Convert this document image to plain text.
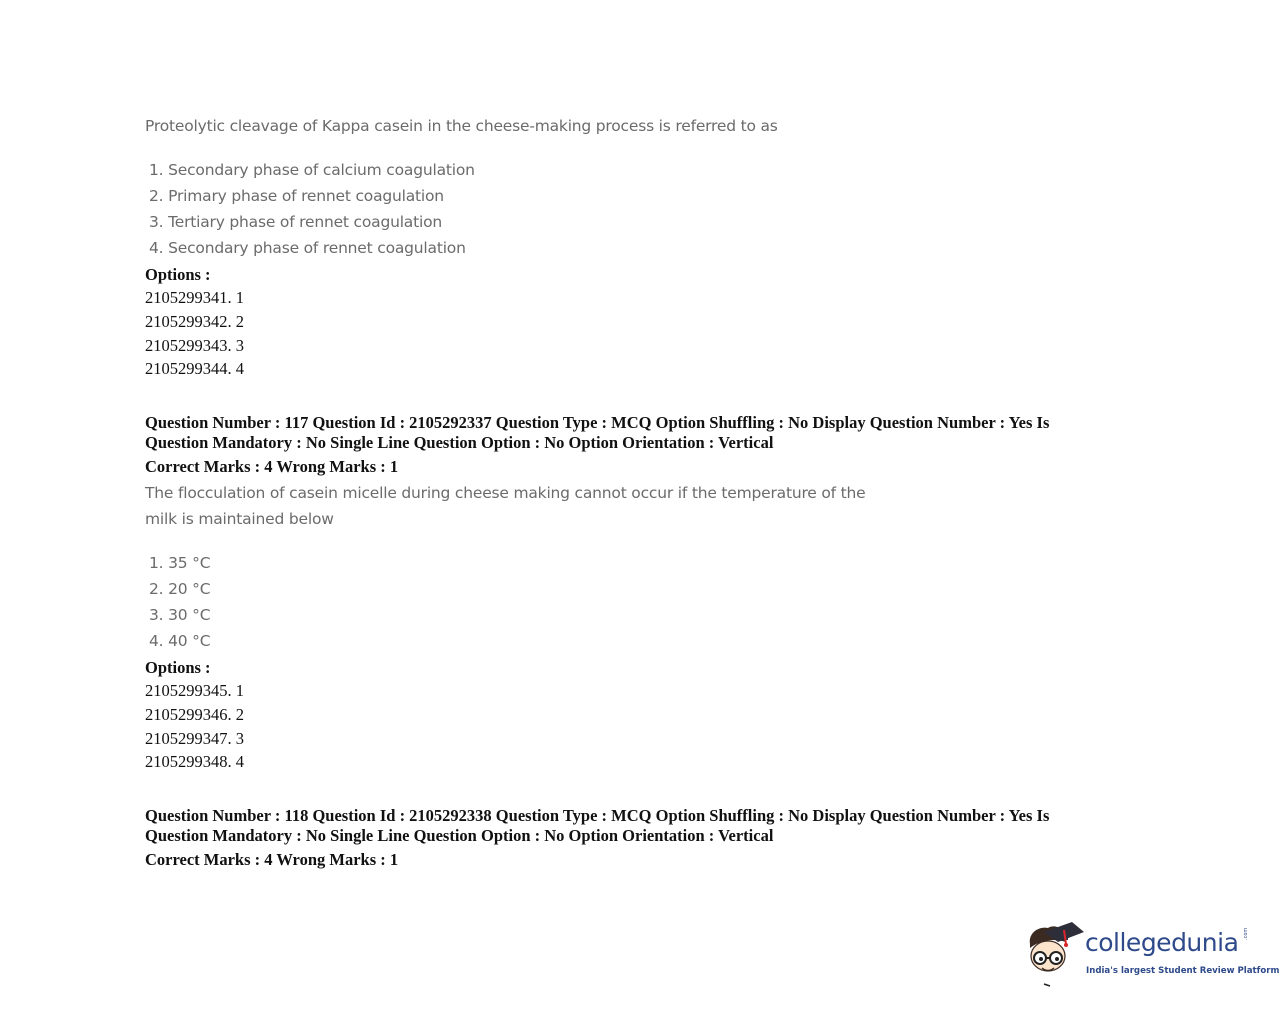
Proteolytic cleavage of Kappa casein in the cheese-making process is referred to as

1. Secondary phase of calcium coagulation
2. Primary phase of rennet coagulation
3. Tertiary phase of rennet coagulation
4. Secondary phase of rennet coagulation

Options :

2105299341. 1
2105299342. 2
2105299343. 3
2105299344. 4

Question Number : 117 Question Id : 2105292337 Question Type : MCQ Option Shuffling : No Display Question Number : Yes Is Question Mandatory : No Single Line Question Option : No Option Orientation : Vertical

Correct Marks : 4 Wrong Marks : 1

The flocculation of casein micelle during cheese making cannot occur if the temperature of the

milk is maintained below

1. 35 °C
2. 20 °C
3. 30 °C
4. 40 °C

Options :

2105299345. 1
2105299346. 2
2105299347. 3
2105299348. 4

Question Number : 118 Question Id : 2105292338 Question Type : MCQ Option Shuffling : No Display Question Number : Yes Is Question Mandatory : No Single Line Question Option : No Option Orientation : Vertical

Correct Marks : 4 Wrong Marks : 1

collegedunia .com
India's largest Student Review Platform
